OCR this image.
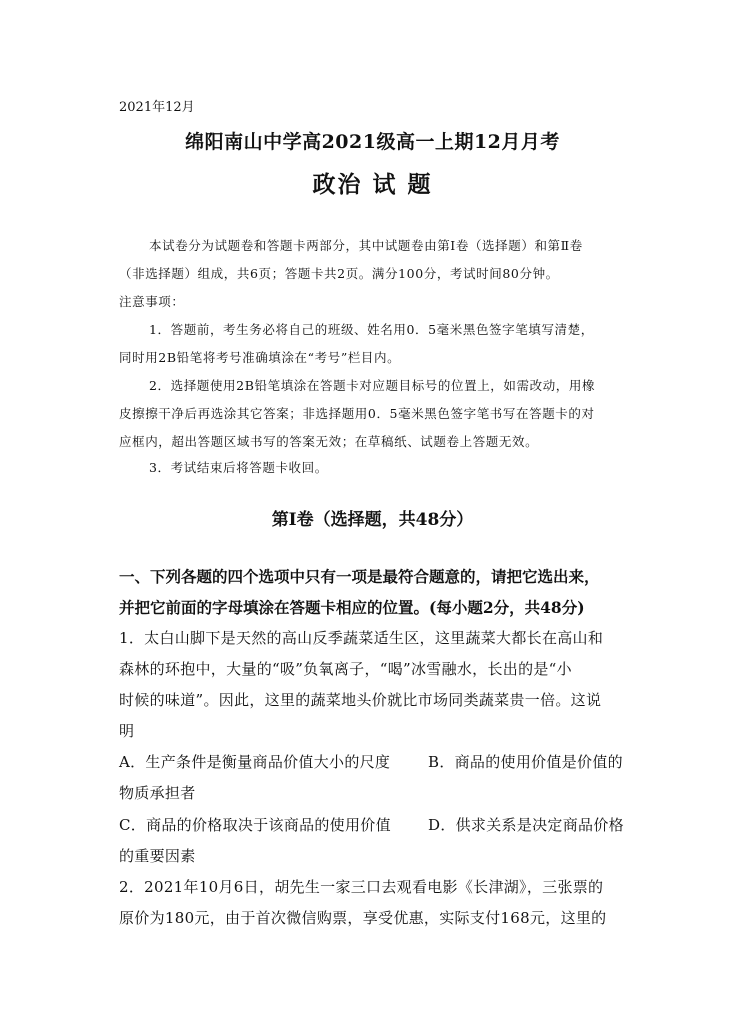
2021年12月
绵阳南山中学高2021级高一上期12月月考
政治 试 题
本试卷分为试题卷和答题卡两部分，其中试题卷由第Ⅰ卷（选择题）和第Ⅱ卷
（非选择题）组成，共6页；答题卡共2页。满分100分，考试时间80分钟。
注意事项：
1．答题前，考生务必将自己的班级、姓名用0．5毫米黑色签字笔填写清楚，
同时用2B铅笔将考号准确填涂在“考号”栏目内。
2．选择题使用2B铅笔填涂在答题卡对应题目标号的位置上，如需改动，用橡
皮擦擦干净后再选涂其它答案；非选择题用0．5毫米黑色签字笔书写在答题卡的对
应框内，超出答题区域书写的答案无效；在草稿纸、试题卷上答题无效。
3．考试结束后将答题卡收回。
第Ⅰ卷（选择题，共48分）
一、下列各题的四个选项中只有一项是最符合题意的，请把它选出来，
并把它前面的字母填涂在答题卡相应的位置。(每小题2分，共48分)
1．太白山脚下是天然的高山反季蔬菜适生区，这里蔬菜大都长在高山和
森林的环抱中，大量的“吸”负氧离子，“喝”冰雪融水，长出的是“小
时候的味道”。因此，这里的蔬菜地头价就比市场同类蔬菜贵一倍。这说
明
A．生产条件是衡量商品价值大小的尺度	B．商品的使用价值是价值的
物质承担者
C．商品的价格取决于该商品的使用价值 D．供求关系是决定商品价格
的重要因素
2．2021年10月6日，胡先生一家三口去观看电影《长津湖》，三张票的
原价为180元，由于首次微信购票，享受优惠，实际支付168元，这里的
